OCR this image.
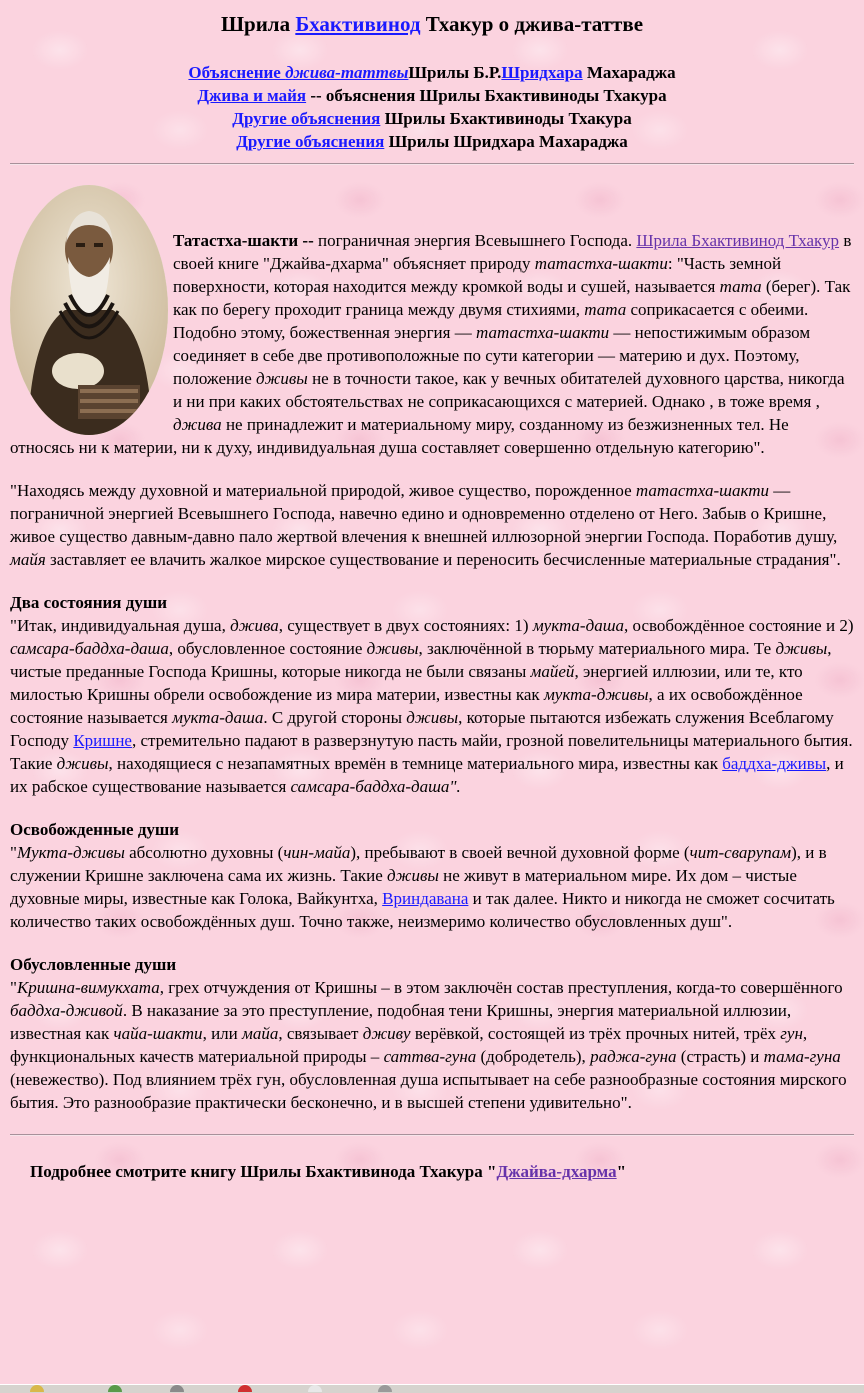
Шрила Бхактивинод Тхакур о джива-таттве
Объяснение джива-таттвыШрилы Б.Р.Шридхара Махараджа
Джива и майя -- объяснения Шрилы Бхактивиноды Тхакура
Другие объяснения Шрилы Бхактивиноды Тхакура
Другие объяснения Шрилы Шридхара Махараджа

Татастха-шакти -- пограничная энергия Всевышнего Господа. Шрила Бхактивинод Тхакур в своей книге "Джайва-дхарма" объясняет природу татастха-шакти: "Часть земной поверхности, которая находится между кромкой воды и сушей, называется тата (берег). Так как по берегу проходит граница между двумя стихиями, тата соприкасается с обеими. Подобно этому, божественная энергия — татастха-шакти — непостижимым образом соединяет в себе две противоположные по сути категории — материю и дух. Поэтому, положение дживы не в точности такое, как у вечных обитателей духовного царства, никогда и ни при каких обстоятельствах не соприкасающихся с материей. Однако , в тоже время , джива не принадлежит и материальному миру, созданному из безжизненных тел. Не относясь ни к материи, ни к духу, индивидуальная душа составляет совершенно отдельную категорию".

"Находясь между духовной и материальной природой, живое существо, порожденное татастха-шакти — пограничной энергией Всевышнего Господа, навечно едино и одновременно отделено от Него. Забыв о Кришне, живое существо давным-давно пало жертвой влечения к внешней иллюзорной энергии Господа. Поработив душу, майя заставляет ее влачить жалкое мирское существование и переносить бесчисленные материальные страдания".

Два состояния души
"Итак, индивидуальная душа, джива, существует в двух состояниях: 1) мукта-даша, освобождённое состояние и 2) самсара-баддха-даша, обусловленное состояние дживы, заключённой в тюрьму материального мира. Те дживы, чистые преданные Господа Кришны, которые никогда не были связаны майей, энергией иллюзии, или те, кто милостью Кришны обрели освобождение из мира материи, известны как мукта-дживы, а их освобождённое состояние называется мукта-даша. С другой стороны дживы, которые пытаются избежать служения Всеблагому Господу Кришне, стремительно падают в разверзнутую пасть майи, грозной повелительницы материального бытия. Такие дживы, находящиеся с незапамятных времён в темнице материального мира, известны как баддха-дживы, и их рабское существование называется самсара-баддха-даша".
Освобожденные души
"Мукта-дживы абсолютно духовны (чин-майа), пребывают в своей вечной духовной форме (чит-сварупам), и в служении Кришне заключена сама их жизнь. Такие дживы не живут в материальном мире. Их дом – чистые духовные миры, известные как Голока, Вайкунтха, Вриндавана и так далее. Никто и никогда не сможет сосчитать количество таких освобождённых душ. Точно также, неизмеримо количество обусловленных душ".
Обусловленные души
"Кришна-вимукхата, грех отчуждения от Кришны – в этом заключён состав преступления, когда-то совершённого баддха-дживой. В наказание за это преступление, подобная тени Кришны, энергия материальной иллюзии, известная как чайа-шакти, или майа, связывает дживу верёвкой, состоящей из трёх прочных нитей, трёх гун, функциональных качеств материальной природы – саттва-гуна (добродетель), раджа-гуна (страсть) и тама-гуна (невежество). Под влиянием трёх гун, обусловленная душа испытывает на себе разнообразные состояния мирского бытия. Это разнообразие практически бесконечно, и в высшей степени удивительно".
Подробнее смотрите книгу Шрилы Бхактивинода Тхакура "Джайва-дхарма"
